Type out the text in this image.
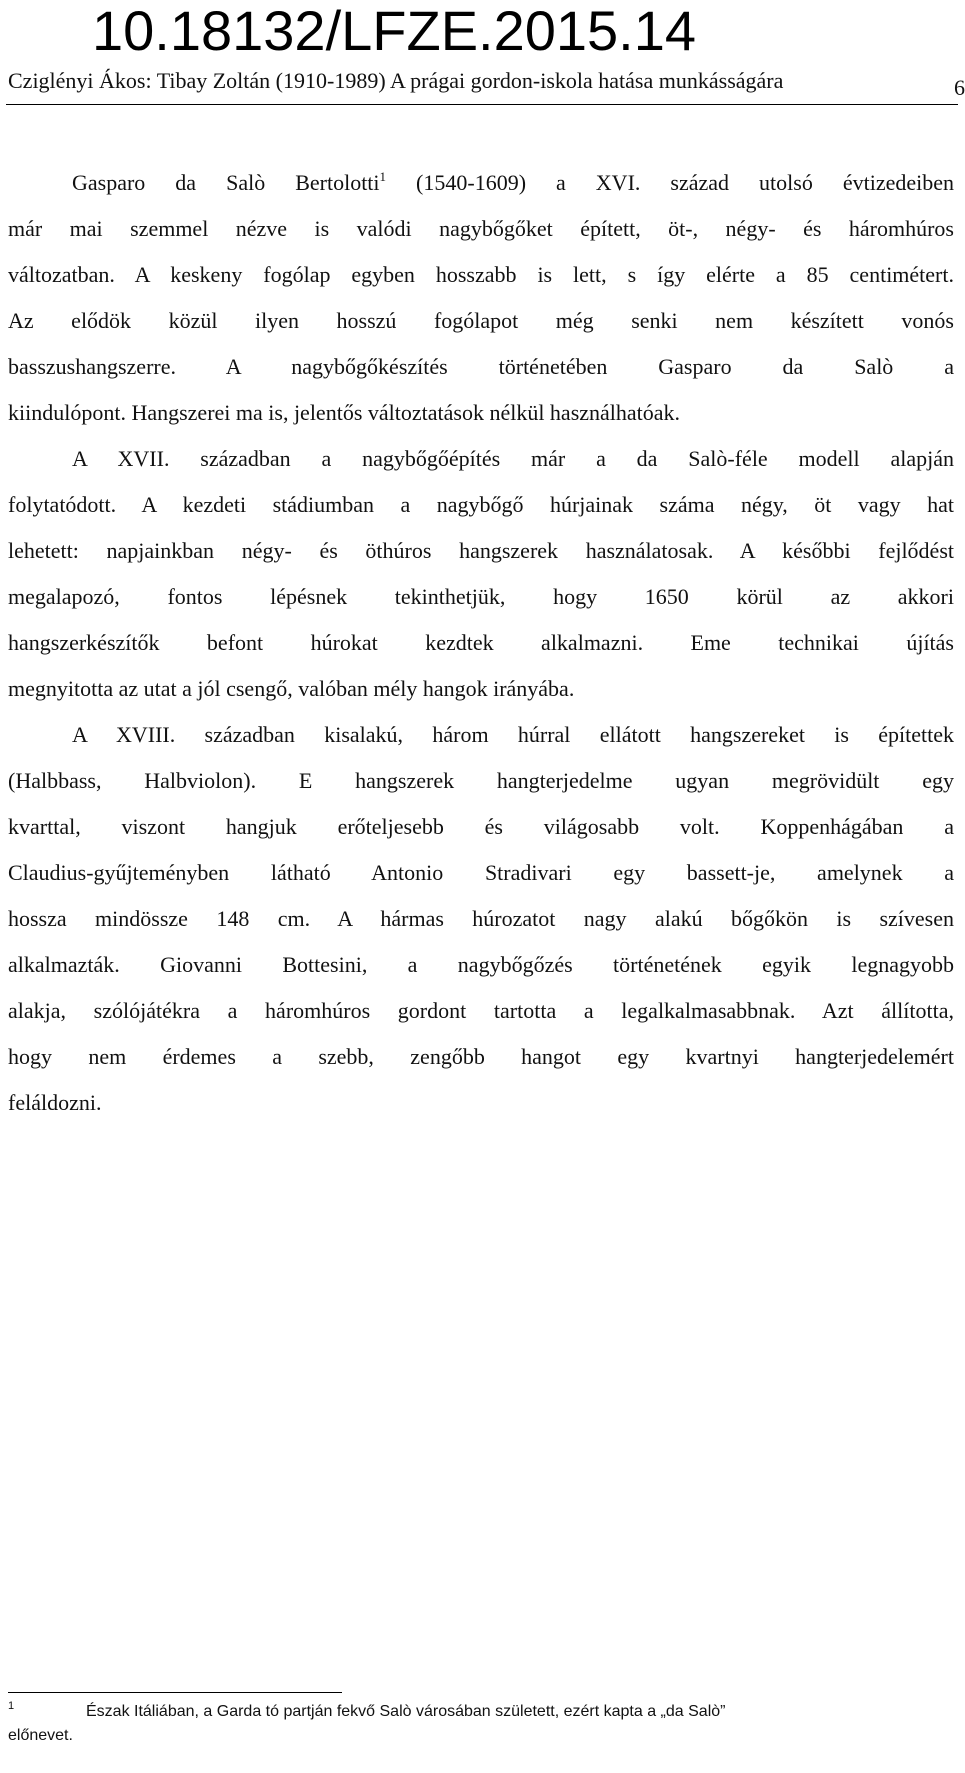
10.18132/LFZE.2015.14
Cziglényi Ákos: Tibay Zoltán (1910-1989) A prágai gordon-iskola hatása munkásságára	6
Gasparo da Salò Bertolotti$^1$ (1540-1609) a XVI. század utolsó évtizedeiben
már mai szemmel nézve is valódi nagybőgőket épített, öt-, négy- és háromhúros
változatban. A keskeny fogólap egyben hosszabb is lett, s így elérte a 85 centimétert.
Az elődök közül ilyen hosszú fogólapot még senki nem készített vonós
basszushangszerre. A nagybőgőkészítés történetében Gasparo da Salò a
kiindulópont. Hangszerei ma is, jelentős változtatások nélkül használhatóak.
A XVII. században a nagybőgőépítés már a da Salò-féle modell alapján
folytatódott. A kezdeti stádiumban a nagybőgő húrjainak száma négy, öt vagy hat
lehetett: napjainkban négy- és öthúros hangszerek használatosak. A későbbi fejlődést
megalapozó, fontos lépésnek tekinthetjük, hogy 1650 körül az akkori
hangszerkészítők befont húrokat kezdtek alkalmazni. Eme technikai újítás
megnyitotta az utat a jól csengő, valóban mély hangok irányába.
A XVIII. században kisalakú, három húrral ellátott hangszereket is építettek
(Halbbass, Halbviolon). E hangszerek hangterjedelme ugyan megrövidült egy
kvarttal, viszont hangjuk erőteljesebb és világosabb volt. Koppenhágában a
Claudius-gyűjteményben látható Antonio Stradivari egy bassett-je, amelynek a
hossza mindössze 148 cm. A hármas húrozatot nagy alakú bőgőkön is szívesen
alkalmazták. Giovanni Bottesini, a nagybőgőzés történetének egyik legnagyobb
alakja, szólójátékra a háromhúros gordont tartotta a legalkalmasabbnak. Azt állította,
hogy nem érdemes a szebb, zengőbb hangot egy kvartnyi hangterjedelemért
feláldozni.
1	Észak Itáliában, a Garda tó partján fekvő Salò városában született, ezért kapta a „da Salò”
előnevet.
